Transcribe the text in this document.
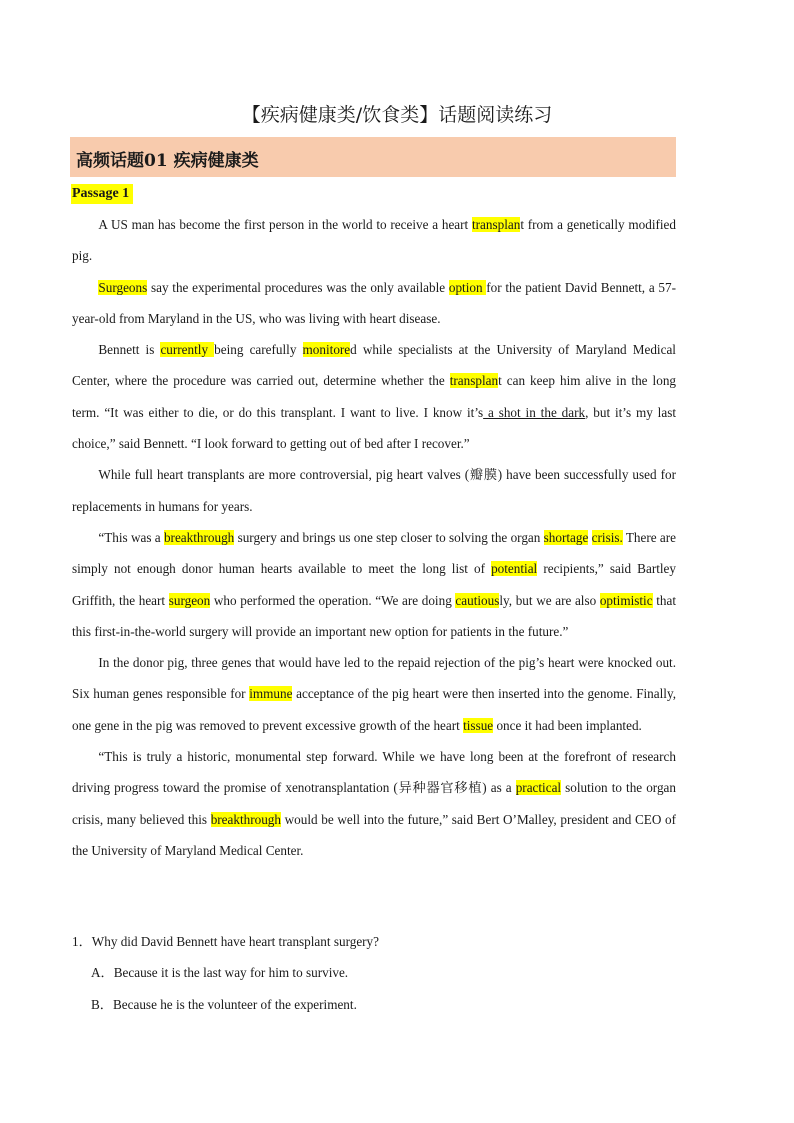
【疾病健康类/饮食类】话题阅读练习
高频话题01 疾病健康类
Passage 1

A US man has become the first person in the world to receive a heart transplant from a genetically modified pig.

Surgeons say the experimental procedures was the only available option for the patient David Bennett, a 57-year-old from Maryland in the US, who was living with heart disease.

Bennett is currently being carefully monitored while specialists at the University of Maryland Medical Center, where the procedure was carried out, determine whether the transplant can keep him alive in the long term. “It was either to die, or do this transplant. I want to live. I know it’s a shot in the dark, but it’s my last choice,” said Bennett. “I look forward to getting out of bed after I recover.”

While full heart transplants are more controversial, pig heart valves (瓣膜) have been successfully used for replacements in humans for years.

“This was a breakthrough surgery and brings us one step closer to solving the organ shortage crisis. There are simply not enough donor human hearts available to meet the long list of potential recipients,” said Bartley Griffith, the heart surgeon who performed the operation. “We are doing cautiously, but we are also optimistic that this first-in-the-world surgery will provide an important new option for patients in the future.”

In the donor pig, three genes that would have led to the repaid rejection of the pig’s heart were knocked out. Six human genes responsible for immune acceptance of the pig heart were then inserted into the genome. Finally, one gene in the pig was removed to prevent excessive growth of the heart tissue once it had been implanted.

“This is truly a historic, monumental step forward. While we have long been at the forefront of research driving progress toward the promise of xenotransplantation (异种器官移植) as a practical solution to the organ crisis, many believed this breakthrough would be well into the future,” said Bert O’Malley, president and CEO of the University of Maryland Medical Center.

1．Why did David Bennett have heart transplant surgery?
A．Because it is the last way for him to survive.
B．Because he is the volunteer of the experiment.
